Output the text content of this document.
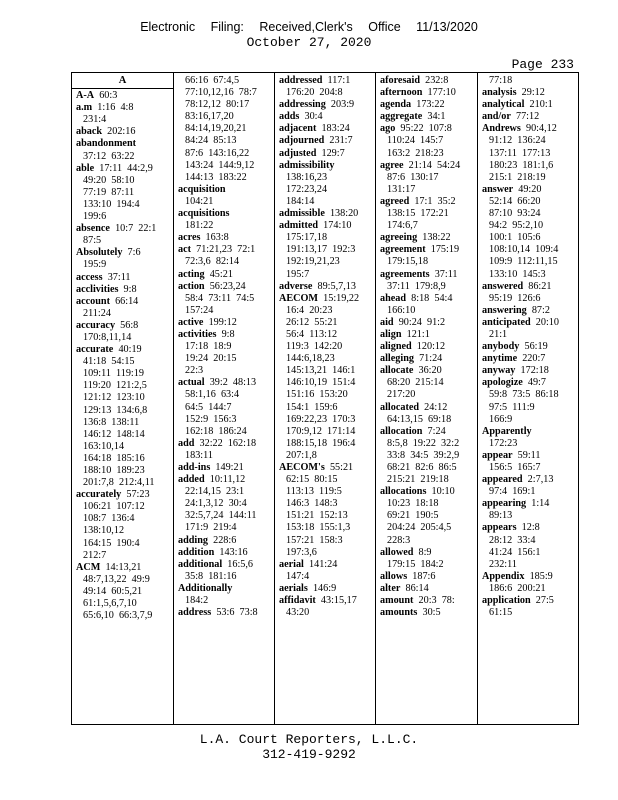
Electronic Filing: Received,Clerk's Office 11/13/2020
October 27, 2020
Page 233
A
A-A  60:3
a.m  1:16  4:8
231:4
aback  202:16
abandonment
37:12  63:22
able  17:11  44:2,9
49:20  58:10
77:19  87:11
133:10  194:4
199:6
absence  10:7  22:1
87:5
Absolutely  7:6
195:9
access  37:11
acclivities  9:8
account  66:14
211:24
accuracy  56:8
170:8,11,14
accurate  40:19
41:18  54:15
109:11  119:19
119:20  121:2,5
121:12  123:10
129:13  134:6,8
136:8  138:11
146:12  148:14
163:10,14
164:18  185:16
188:10  189:23
201:7,8  212:4,11
accurately  57:23
106:21  107:12
108:7  136:4
138:10,12
164:15  190:4
212:7
ACM  14:13,21
48:7,13,22  49:9
49:14  60:5,21
61:1,5,6,7,10
65:6,10  66:3,7,9
66:16  67:4,5
77:10,12,16  78:7
78:12,12  80:17
83:16,17,20
84:14,19,20,21
84:24  85:13
87:6  143:16,22
143:24  144:9,12
144:13  183:22
acquisition
104:21
acquisitions
181:22
acres  163:8
act  71:21,23  72:1
72:3,6  82:14
acting  45:21
action  56:23,24
58:4  73:11  74:5
157:24
active  199:12
activities  9:8
17:18  18:9
19:24  20:15
22:3
actual  39:2  48:13
58:1,16  63:4
64:5  144:7
152:9  156:3
162:18  186:24
add  32:22  162:18
183:11
add-ins  149:21
added  10:11,12
22:14,15  23:1
24:1,3,12  30:4
32:5,7,24  144:11
171:9  219:4
adding  228:6
addition  143:16
additional  16:5,6
35:8  181:16
Additionally
184:2
address  53:6  73:8
addressed  117:1
176:20  204:8
addressing  203:9
adds  30:4
adjacent  183:24
adjourned  231:7
adjusted  129:7
admissibility
138:16,23
172:23,24
184:14
admissible  138:20
admitted  174:10
175:17,18
191:13,17  192:3
192:19,21,23
195:7
adverse  89:5,7,13
AECOM  15:19,22
16:4  20:23
26:12  55:21
56:4  113:12
119:3  142:20
144:6,18,23
145:13,21  146:1
146:10,19  151:4
151:16  153:20
154:1  159:6
169:22,23  170:3
170:9,12  171:14
188:15,18  196:4
207:1,8
AECOM's  55:21
62:15  80:15
113:13  119:5
146:3  148:3
151:21  152:13
153:18  155:1,3
157:21  158:3
197:3,6
aerial  141:24
147:4
aerials  146:9
affidavit  43:15,17
43:20
aforesaid  232:8
afternoon  177:10
agenda  173:22
aggregate  34:1
ago  95:22  107:8
110:24  145:7
163:2  218:23
agree  21:14  54:24
87:6  130:17
131:17
agreed  17:1  35:2
138:15  172:21
174:6,7
agreeing  138:22
agreement  175:19
179:15,18
agreements  37:11
37:11  179:8,9
ahead  8:18  54:4
166:10
aid  90:24  91:2
align  121:1
aligned  120:12
alleging  71:24
allocate  36:20
68:20  215:14
217:20
allocated  24:12
64:13,15  69:18
allocation  7:24
8:5,8  19:22  32:2
33:8  34:5  39:2,9
68:21  82:6  86:5
215:21  219:18
allocations  10:10
10:23  18:18
69:21  190:5
204:24  205:4,5
228:3
allowed  8:9
179:15  184:2
allows  187:6
alter  86:14
amount  20:3  78:
amounts  30:5
77:18
analysis  29:12
analytical  210:1
and/or  77:12
Andrews  90:4,12
91:12  136:24
137:11  177:13
180:23  181:1,6
215:1  218:19
answer  49:20
52:14  66:20
87:10  93:24
94:2  95:2,10
100:1  105:6
108:10,14  109:4
109:9  112:11,15
133:10  145:3
answered  86:21
95:19  126:6
answering  87:2
anticipated  20:10
21:1
anybody  56:19
anytime  220:7
anyway  172:18
apologize  49:7
59:8  73:5  86:18
97:5  111:9
166:9
Apparently
172:23
appear  59:11
156:5  165:7
appeared  2:7,13
97:4  169:1
appearing  1:14
89:13
appears  12:8
28:12  33:4
41:24  156:1
232:11
Appendix  185:9
186:6  200:21
application  27:5
61:15
L.A. Court Reporters, L.L.C.
312-419-9292
